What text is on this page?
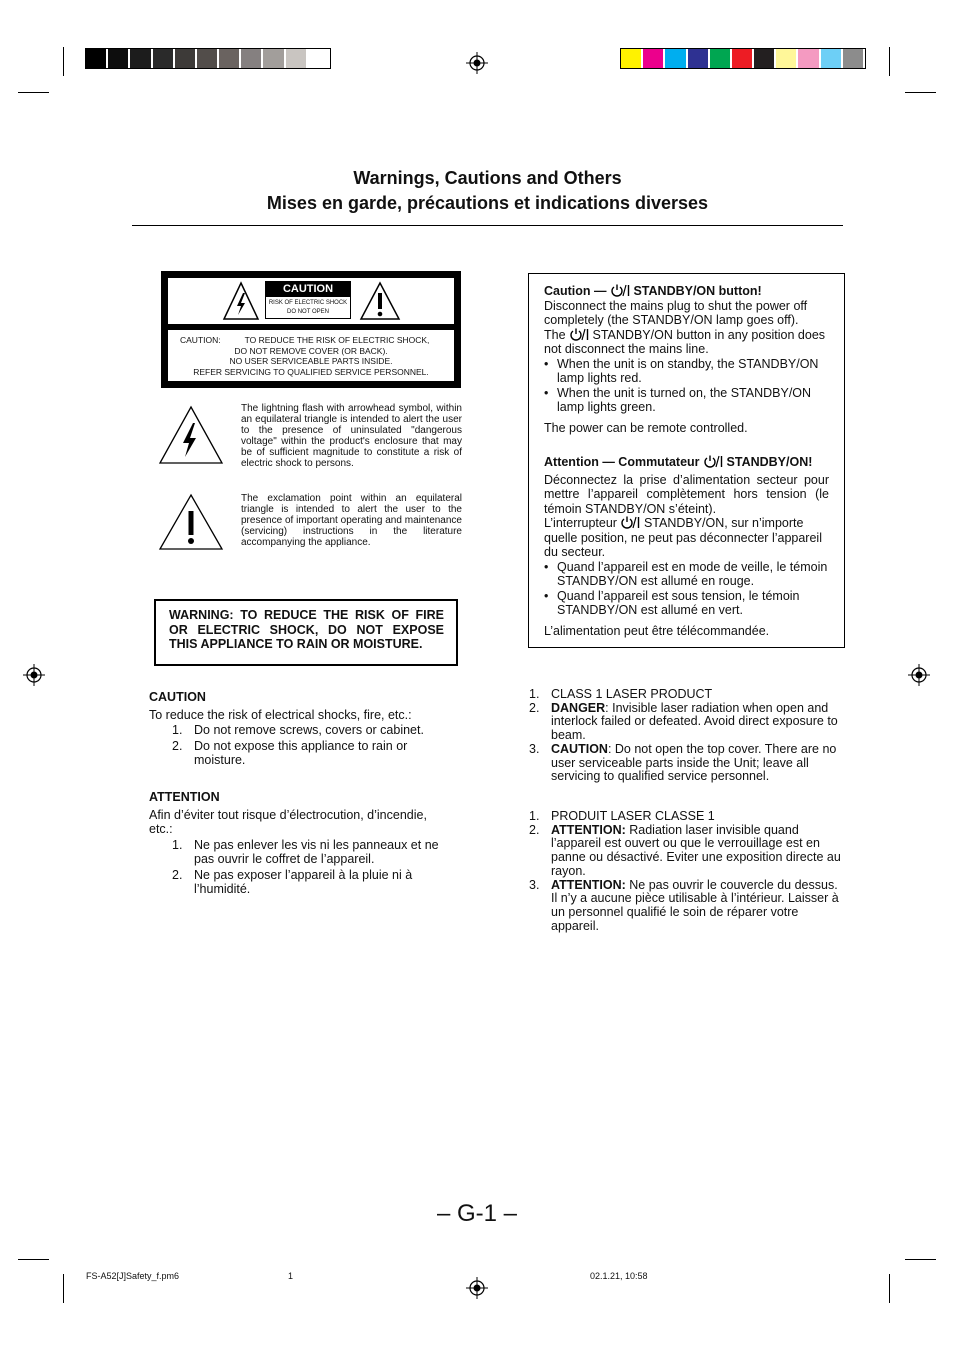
Warnings, Cautions and Others
Mises en garde, précautions et indications diverses
CAUTION
RISK OF ELECTRIC SHOCK
DO NOT OPEN
CAUTION:	TO REDUCE THE RISK OF ELECTRIC SHOCK,
DO NOT REMOVE COVER (OR BACK).
NO USER SERVICEABLE PARTS INSIDE.
REFER SERVICING TO QUALIFIED SERVICE PERSONNEL.
The lightning flash with arrowhead symbol, within an equilateral triangle is intended to alert the user to the presence of uninsulated "dangerous voltage" within the product's enclosure that may be of sufficient magnitude to constitute a risk of electric shock to persons.
The exclamation point within an equilateral triangle is intended to alert the user to the presence of important operating and maintenance (servicing) instructions in the literature accompanying the appliance.
WARNING: TO REDUCE THE RISK OF FIRE OR ELECTRIC SHOCK, DO NOT EXPOSE THIS APPLIANCE TO RAIN OR MOISTURE.
CAUTION
To reduce the risk of electrical shocks, fire, etc.:
1. Do not remove screws, covers or cabinet.
2. Do not expose this appliance to rain or moisture.
ATTENTION
Afin d’éviter tout risque d’électrocution, d’incendie, etc.:
1. Ne pas enlever les vis ni les panneaux et ne pas ouvrir le coffret de l’appareil.
2. Ne pas exposer l’appareil à la pluie ni à l’humidité.
Caution — STANDBY/ON button!
Disconnect the mains plug to shut the power off completely (the STANDBY/ON lamp goes off).
The STANDBY/ON button in any position does not disconnect the mains line.
• When the unit is on standby, the STANDBY/ON lamp lights red.
• When the unit is turned on, the STANDBY/ON lamp lights green.
The power can be remote controlled.
Attention — Commutateur STANDBY/ON!
Déconnectez la prise d’alimentation secteur pour mettre l’appareil complètement hors tension (le témoin STANDBY/ON s’éteint).
L’interrupteur STANDBY/ON, sur n’importe quelle position, ne peut pas déconnecter l’appareil du secteur.
• Quand l’appareil est en mode de veille, le témoin STANDBY/ON est allumé en rouge.
• Quand l’appareil est sous tension, le témoin STANDBY/ON est allumé en vert.
L’alimentation peut être télécommandée.
1. CLASS 1 LASER PRODUCT
2. DANGER: Invisible laser radiation when open and interlock failed or defeated. Avoid direct exposure to beam.
3. CAUTION: Do not open the top cover. There are no user serviceable parts inside the Unit; leave all servicing to qualified service personnel.
1. PRODUIT LASER CLASSE 1
2. ATTENTION: Radiation laser invisible quand l’appareil est ouvert ou que le verrouillage est en panne ou désactivé. Eviter une exposition directe au rayon.
3. ATTENTION: Ne pas ouvrir le couvercle du dessus. Il n’y a aucune pièce utilisable à l’intérieur. Laisser à un personnel qualifié le soin de réparer votre appareil.
– G-1 –
FS-A52[J]Safety_f.pm6	1	02.1.21, 10:58
